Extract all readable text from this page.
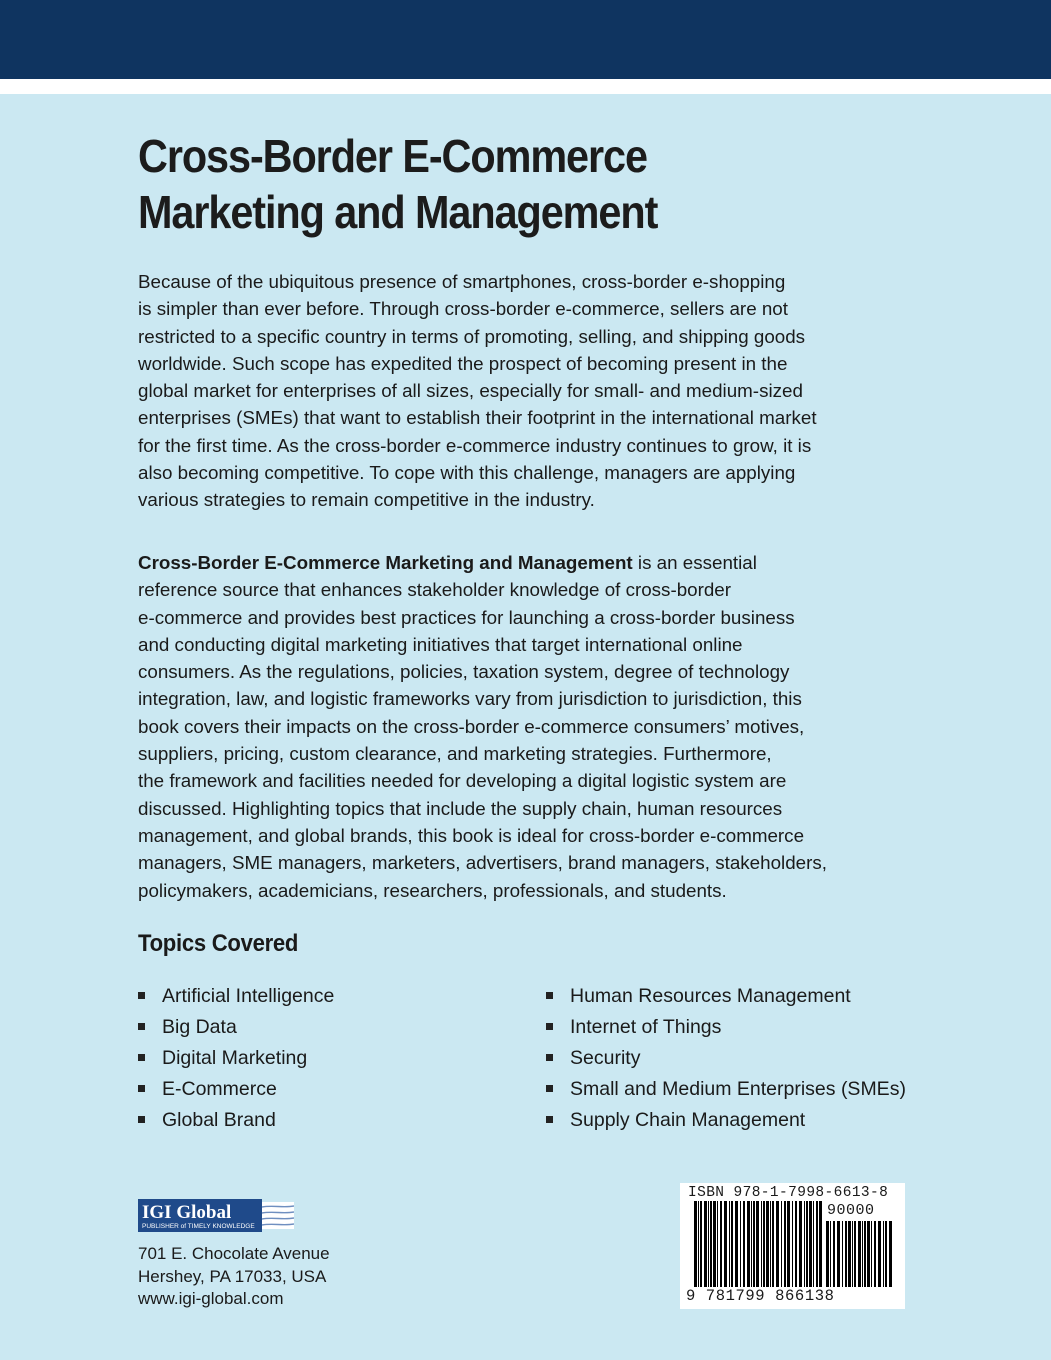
Cross-Border E-Commerce
Marketing and Management
Because of the ubiquitous presence of smartphones, cross-border e-shopping
is simpler than ever before. Through cross-border e-commerce, sellers are not
restricted to a specific country in terms of promoting, selling, and shipping goods
worldwide. Such scope has expedited the prospect of becoming present in the
global market for enterprises of all sizes, especially for small- and medium-sized
enterprises (SMEs) that want to establish their footprint in the international market
for the first time. As the cross-border e-commerce industry continues to grow, it is
also becoming competitive. To cope with this challenge, managers are applying
various strategies to remain competitive in the industry.
Cross-Border E-Commerce Marketing and Management is an essential
reference source that enhances stakeholder knowledge of cross-border
e-commerce and provides best practices for launching a cross-border business
and conducting digital marketing initiatives that target international online
consumers. As the regulations, policies, taxation system, degree of technology
integration, law, and logistic frameworks vary from jurisdiction to jurisdiction, this
book covers their impacts on the cross-border e-commerce consumers’ motives,
suppliers, pricing, custom clearance, and marketing strategies. Furthermore,
the framework and facilities needed for developing a digital logistic system are
discussed. Highlighting topics that include the supply chain, human resources
management, and global brands, this book is ideal for cross-border e-commerce
managers, SME managers, marketers, advertisers, brand managers, stakeholders,
policymakers, academicians, researchers, professionals, and students.
Topics Covered
Artificial Intelligence
Big Data
Digital Marketing
E-Commerce
Global Brand
Human Resources Management
Internet of Things
Security
Small and Medium Enterprises (SMEs)
Supply Chain Management
IGI Global
PUBLISHER of TIMELY KNOWLEDGE
701 E. Chocolate Avenue
Hershey, PA 17033, USA
www.igi-global.com
ISBN 978-1-7998-6613-8
90000
9 781799 866138
